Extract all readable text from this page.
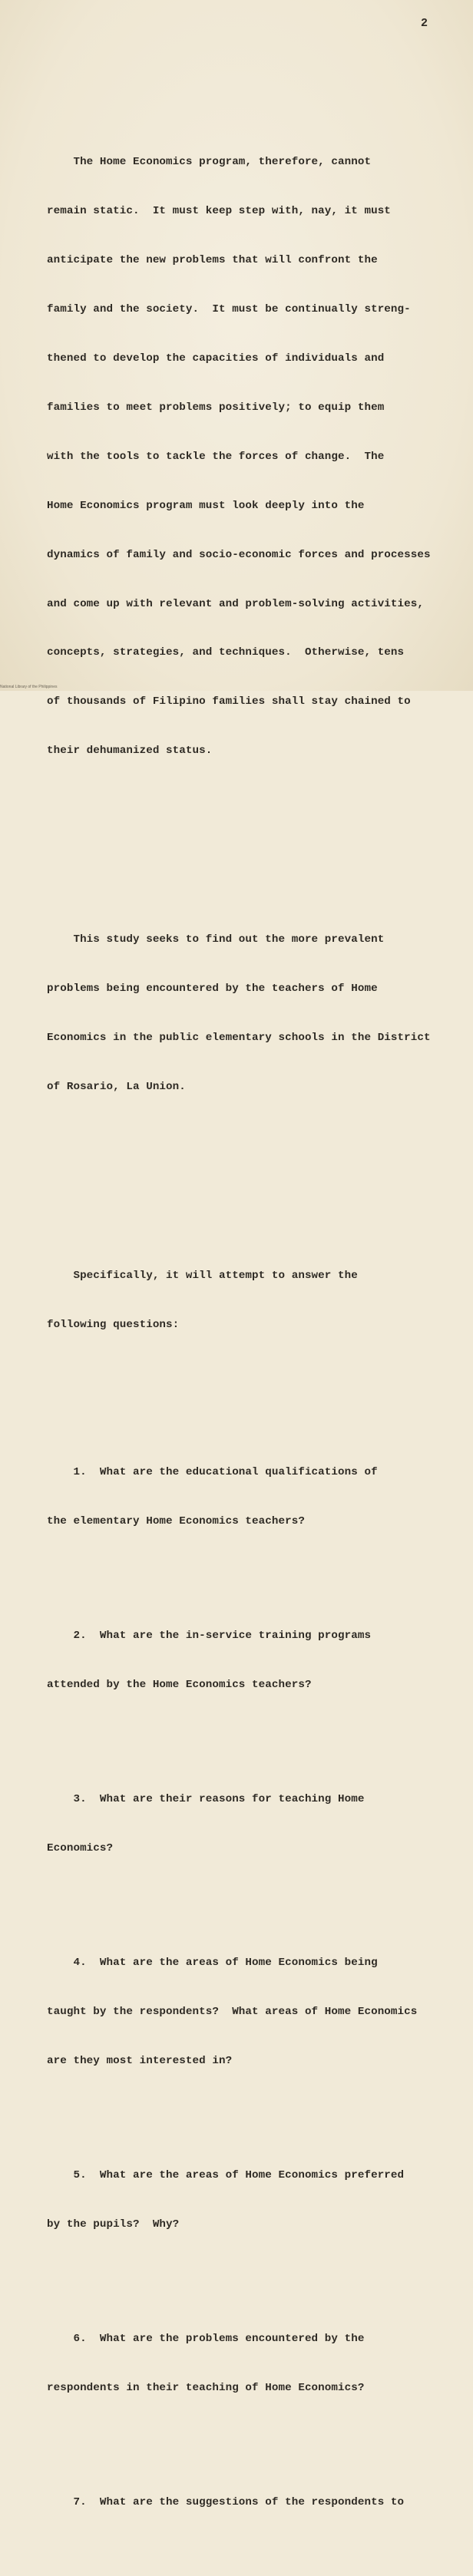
2

The Home Economics program, therefore, cannot

remain static.  It must keep step with, nay, it must

anticipate the new problems that will confront the

family and the society.  It must be continually streng-

thened to develop the capacities of individuals and

families to meet problems positively; to equip them

with the tools to tackle the forces of change.  The

Home Economics program must look deeply into the

dynamics of family and socio-economic forces and processes

and come up with relevant and problem-solving activities,

concepts, strategies, and techniques.  Otherwise, tens

of thousands of Filipino families shall stay chained to

their dehumanized status.

This study seeks to find out the more prevalent

problems being encountered by the teachers of Home

Economics in the public elementary schools in the District

of Rosario, La Union.

Specifically, it will attempt to answer the

following questions:

1.  What are the educational qualifications of

the elementary Home Economics teachers?

2.  What are the in-service training programs

attended by the Home Economics teachers?

3.  What are their reasons for teaching Home

Economics?

4.  What are the areas of Home Economics being

taught by the respondents?  What areas of Home Economics

are they most interested in?

5.  What are the areas of Home Economics preferred

by the pupils?  Why?

6.  What are the problems encountered by the

respondents in their teaching of Home Economics?

7.  What are the suggestions of the respondents to

National Library of the Philippines
